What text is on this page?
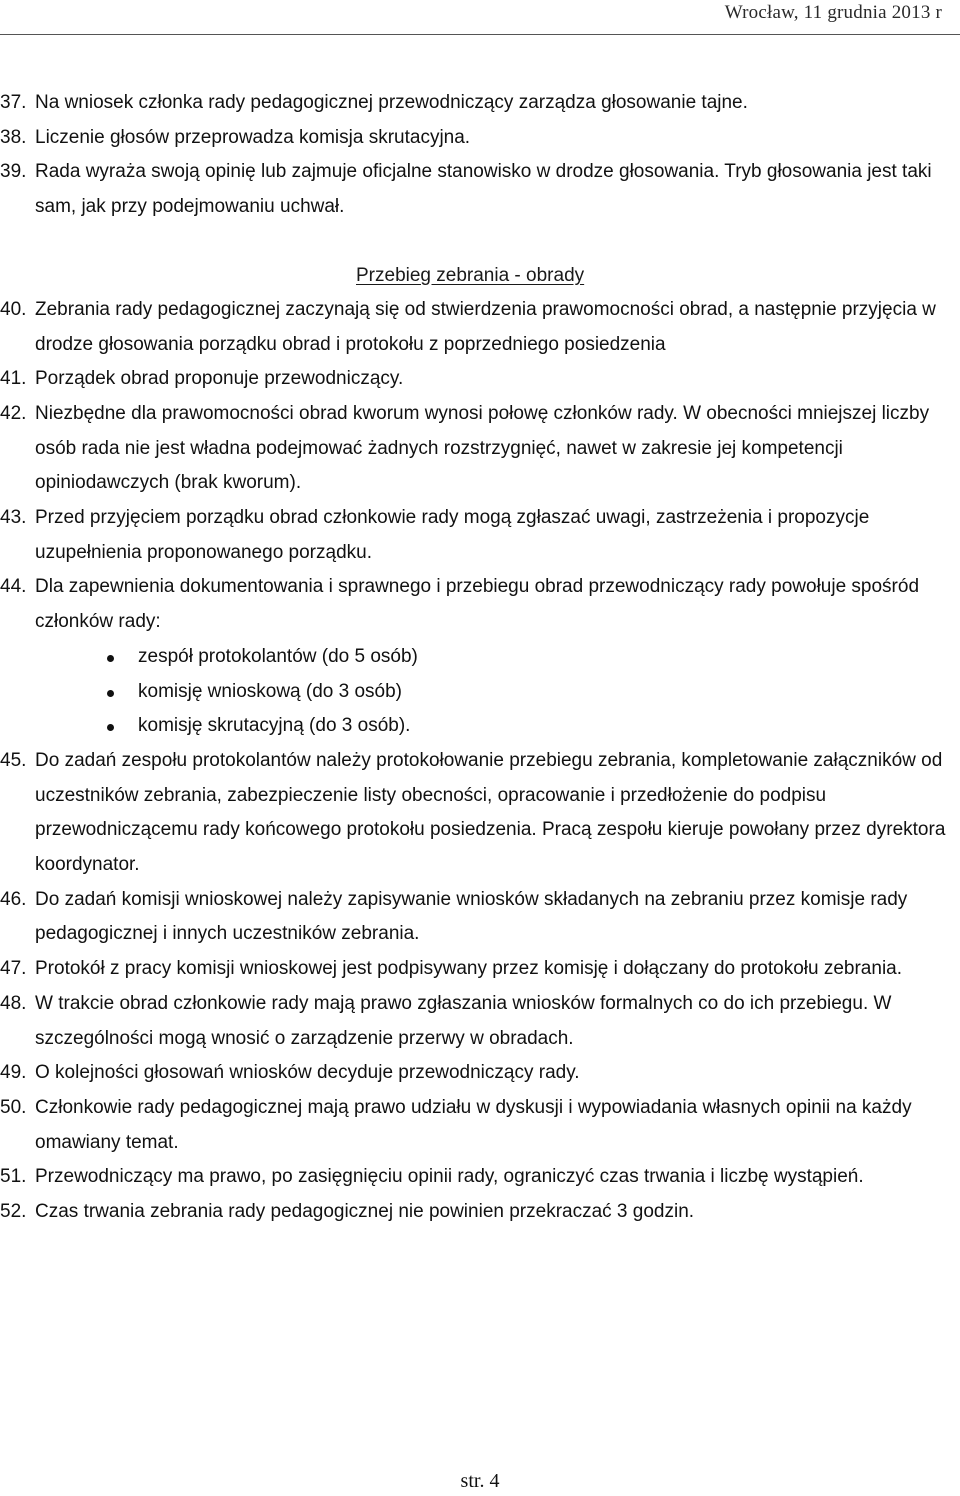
Wrocław, 11 grudnia 2013 r
37. Na wniosek członka rady pedagogicznej przewodniczący zarządza głosowanie tajne.
38. Liczenie głosów przeprowadza komisja skrutacyjna.
39. Rada wyraża swoją opinię lub zajmuje oficjalne stanowisko w drodze głosowania. Tryb głosowania jest taki sam, jak przy podejmowaniu uchwał.
Przebieg zebrania - obrady
40. Zebrania rady pedagogicznej zaczynają się od stwierdzenia prawomocności obrad, a następnie przyjęcia w drodze głosowania porządku obrad i protokołu z poprzedniego posiedzenia
41. Porządek obrad proponuje przewodniczący.
42. Niezbędne dla prawomocności obrad kworum wynosi połowę członków rady. W obecności mniejszej liczby osób rada nie jest władna podejmować żadnych rozstrzygnięć, nawet w zakresie jej kompetencji opiniodawczych (brak kworum).
43. Przed przyjęciem porządku obrad członkowie rady mogą zgłaszać uwagi, zastrzeżenia i propozycje uzupełnienia proponowanego porządku.
44. Dla zapewnienia dokumentowania i sprawnego i przebiegu obrad przewodniczący rady powołuje spośród członków rady:
zespół protokolantów (do 5 osób)
komisję wnioskową (do 3 osób)
komisję skrutacyjną (do 3 osób).
45. Do zadań zespołu protokolantów należy protokołowanie przebiegu zebrania, kompletowanie załączników od uczestników zebrania, zabezpieczenie listy obecności, opracowanie i przedłożenie do podpisu przewodniczącemu rady końcowego protokołu posiedzenia. Pracą zespołu kieruje powołany przez dyrektora koordynator.
46. Do zadań komisji wnioskowej należy zapisywanie wniosków składanych na zebraniu przez komisje rady pedagogicznej i innych uczestników zebrania.
47. Protokół z pracy komisji wnioskowej jest podpisywany przez komisję i dołączany do protokołu zebrania.
48. W trakcie obrad członkowie rady mają prawo zgłaszania wniosków formalnych co do ich przebiegu. W szczególności mogą wnosić o zarządzenie przerwy w obradach.
49. O kolejności głosowań wniosków decyduje przewodniczący rady.
50. Członkowie rady pedagogicznej mają prawo udziału w dyskusji i wypowiadania własnych opinii na każdy omawiany temat.
51. Przewodniczący ma prawo, po zasięgnięciu opinii rady, ograniczyć czas trwania i liczbę wystąpień.
52. Czas trwania zebrania rady pedagogicznej nie powinien przekraczać 3 godzin.
str. 4
